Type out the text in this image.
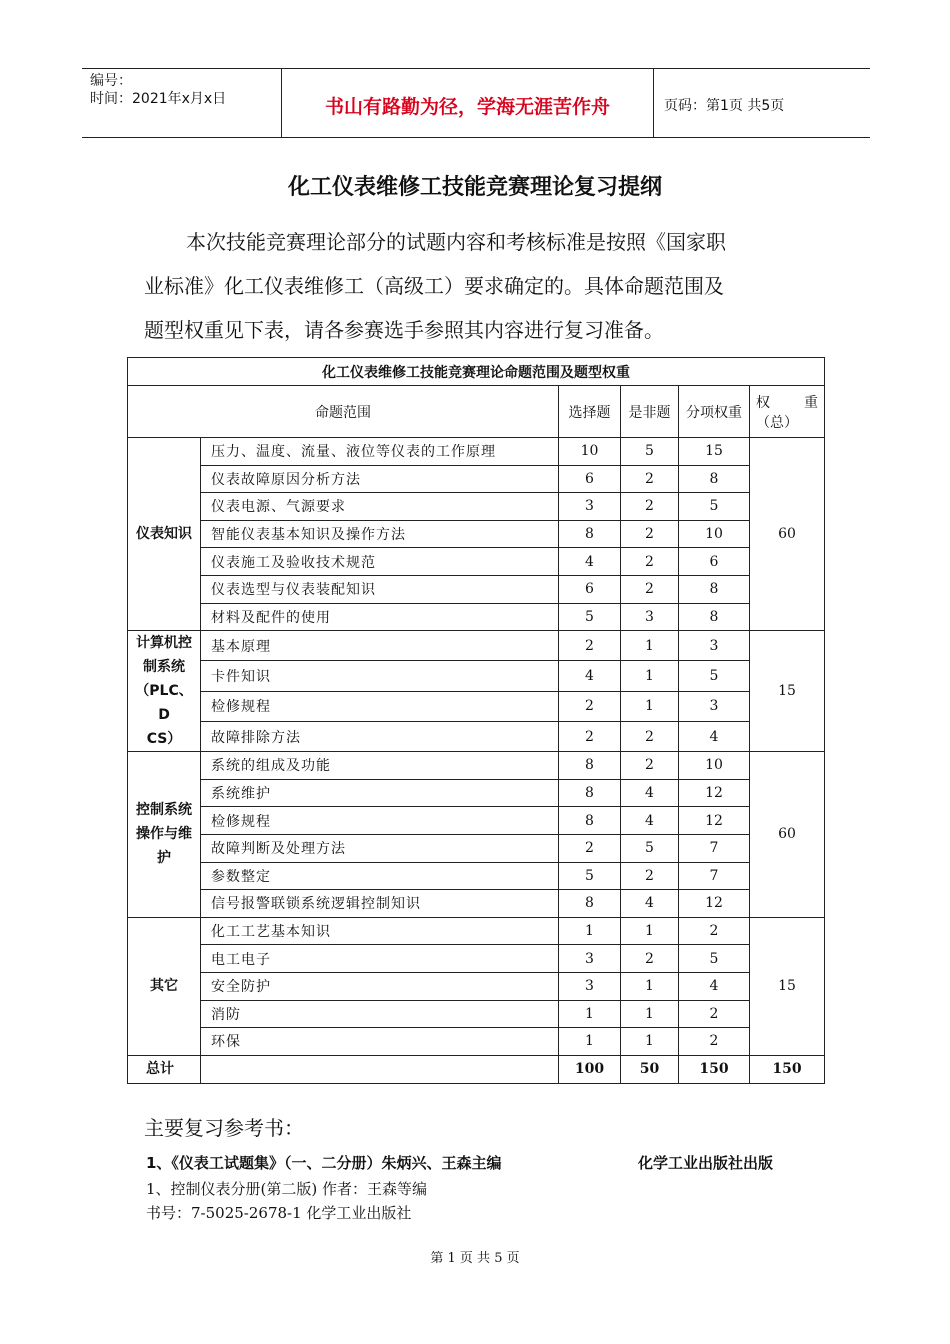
编号：
时间：2021年x月x日	书山有路勤为径，学海无涯苦作舟	页码：第1页 共5页
化工仪表维修工技能竞赛理论复习提纲
本次技能竞赛理论部分的试题内容和考核标准是按照《国家职
业标准》化工仪表维修工（高级工）要求确定的。具体命题范围及
题型权重见下表，请各参赛选手参照其内容进行复习准备。
化工仪表维修工技能竞赛理论命题范围及题型权重					
命题范围		选择题	是非题	分项权重	权 重
（总）

仪表知识	压力、温度、流量、液位等仪表的工作原理	10	5	15	60
	仪表故障原因分析方法	6	2	8	
	仪表电源、气源要求	3	2	5	
	智能仪表基本知识及操作方法	8	2	10	
	仪表施工及验收技术规范	4	2	6	
	仪表选型与仪表装配知识	6	2	8	
	材料及配件的使用	5	3	8	

计算机控
制系统
（PLC、D
CS）	基本原理	2	1	3	15
	卡件知识	4	1	5	
	检修规程	2	1	3	
	故障排除方法	2	2	4	

控制系统
操作与维
护	系统的组成及功能	8	2	10	60
	系统维护	8	4	12	
	检修规程	8	4	12	
	故障判断及处理方法	2	5	7	
	参数整定	5	2	7	
	信号报警联锁系统逻辑控制知识	8	4	12	
其它	化工工艺基本知识	1	1	2	15
	电工电子	3	2	5	
	安全防护	3	1	4	
	消防	1	1	2	
	环保	1	1	2	
总计		100	50	150	150
主要复习参考书：
1、《仪表工试题集》（一、二分册）朱炳兴、王森主编	化学工业出版社出版
1、控制仪表分册(第二版) 作者：王森等编
书号：7-5025-2678-1 化学工业出版社
第 1 页 共 5 页
